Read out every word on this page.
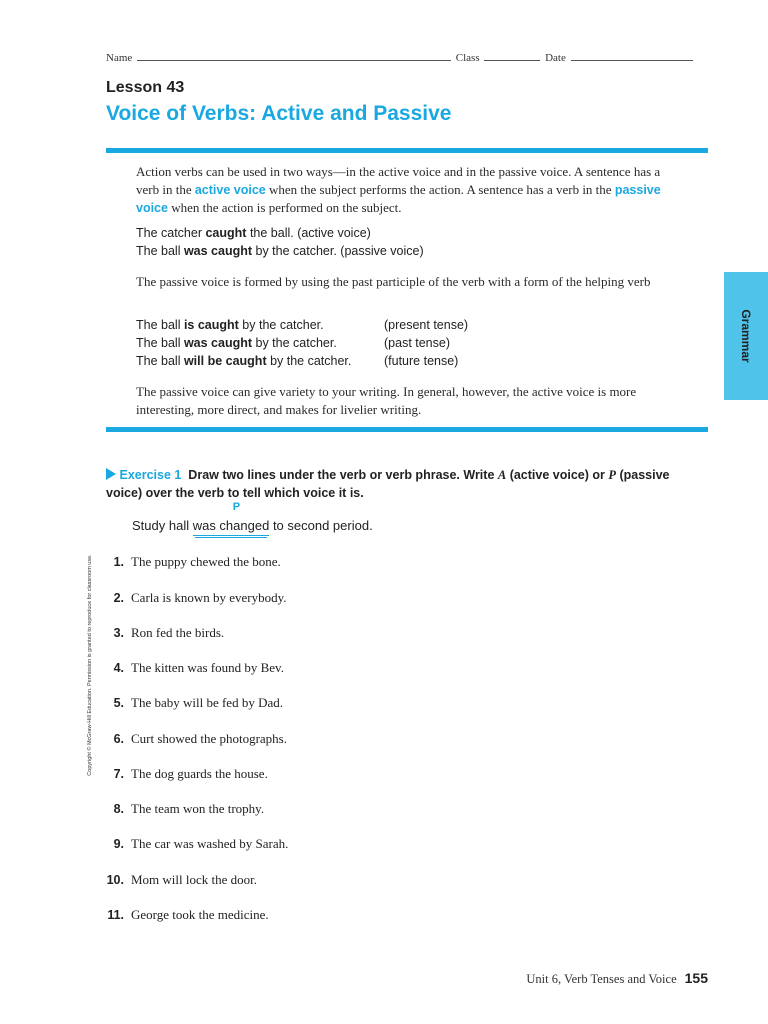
Name	Class	Date
Lesson 43
Voice of Verbs: Active and Passive
Action verbs can be used in two ways—in the active voice and in the passive voice. A sentence has a verb in the active voice when the subject performs the action. A sentence has a verb in the passive voice when the action is performed on the subject.
The catcher caught the ball. (active voice)
The ball was caught by the catcher. (passive voice)
The passive voice is formed by using the past participle of the verb with a form of the helping verb
The ball is caught by the catcher.	(present tense)
The ball was caught by the catcher.	(past tense)
The ball will be caught by the catcher.	(future tense)
The passive voice can give variety to your writing. In general, however, the active voice is more interesting, more direct, and makes for livelier writing.
Grammar
Copyright © McGraw-Hill Education. Permission is granted to reproduce for classroom use.
Exercise 1 Draw two lines under the verb or verb phrase. Write A (active voice) or P (passive voice) over the verb to tell which voice it is.
Study hall
P
was changed to second period.
1. The puppy chewed the bone.
2. Carla is known by everybody.
3. Ron fed the birds.
4. The kitten was found by Bev.
5. The baby will be fed by Dad.
6. Curt showed the photographs.
7. The dog guards the house.
8. The team won the trophy.
9. The car was washed by Sarah.
10. Mom will lock the door.
11. George took the medicine.
Unit 6, Verb Tenses and Voice 155
